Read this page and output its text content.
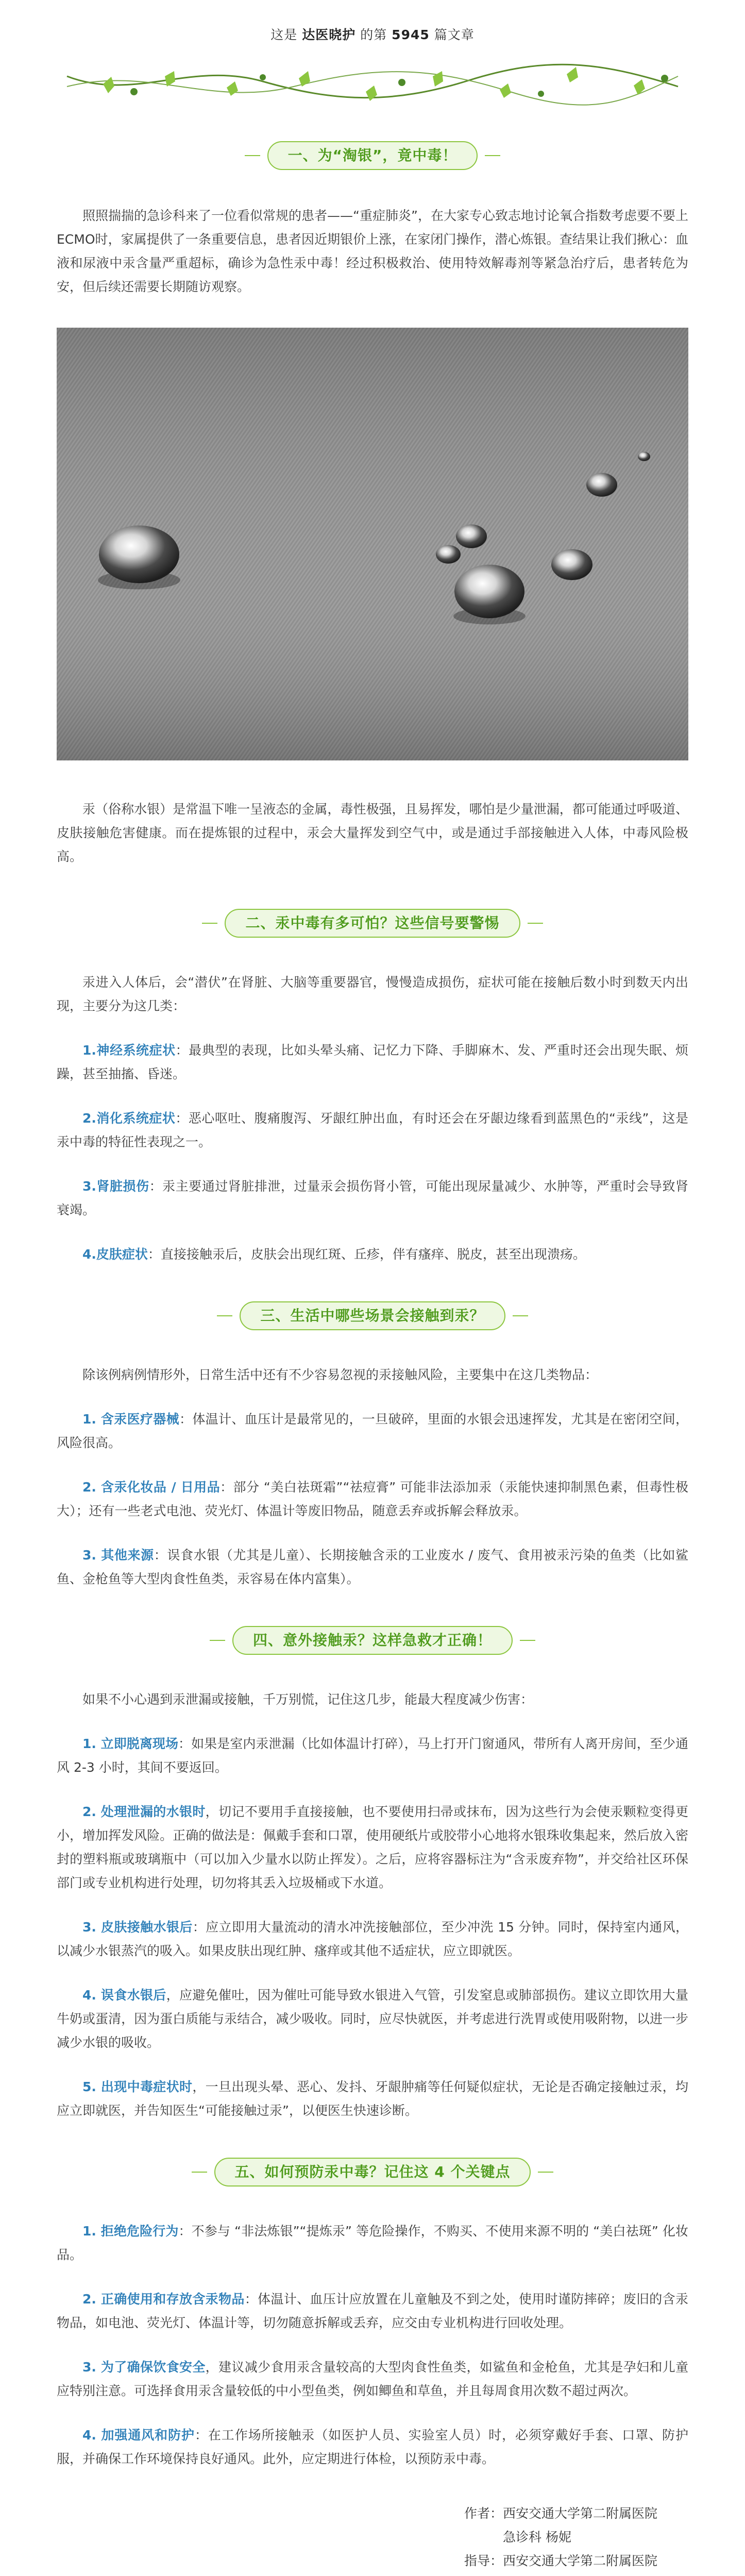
这是 达医晓护 的第 5945 篇文章
一、为“淘银”，竟中毒！

照照揣揣的急诊科来了一位看似常规的患者——“重症肺炎”，在大家专心致志地讨论氧合指数考虑要不要上ECMO时，家属提供了一条重要信息，患者因近期银价上涨，在家闭门操作，潜心炼银。查结果让我们揪心：血液和尿液中汞含量严重超标，确诊为急性汞中毒！经过积极救治、使用特效解毒剂等紧急治疗后，患者转危为安，但后续还需要长期随访观察。

汞（俗称水银）是常温下唯一呈液态的金属，毒性极强，且易挥发，哪怕是少量泄漏，都可能通过呼吸道、皮肤接触危害健康。而在提炼银的过程中，汞会大量挥发到空气中，或是通过手部接触进入人体，中毒风险极高。

二、汞中毒有多可怕？这些信号要警惕

汞进入人体后，会“潜伏”在肾脏、大脑等重要器官，慢慢造成损伤，症状可能在接触后数小时到数天内出现，主要分为这几类：

1.神经系统症状：最典型的表现，比如头晕头痛、记忆力下降、手脚麻木、发、严重时还会出现失眠、烦躁，甚至抽搐、昏迷。

2.消化系统症状：恶心呕吐、腹痛腹泻、牙龈红肿出血，有时还会在牙龈边缘看到蓝黑色的“汞线”，这是汞中毒的特征性表现之一。

3.肾脏损伤：汞主要通过肾脏排泄，过量汞会损伤肾小管，可能出现尿量减少、水肿等，严重时会导致肾衰竭。

4.皮肤症状：直接接触汞后，皮肤会出现红斑、丘疹，伴有瘙痒、脱皮，甚至出现溃疡。

三、生活中哪些场景会接触到汞？

除该例病例情形外，日常生活中还有不少容易忽视的汞接触风险，主要集中在这几类物品：

1. 含汞医疗器械：体温计、血压计是最常见的，一旦破碎，里面的水银会迅速挥发，尤其是在密闭空间，风险很高。

2. 含汞化妆品 / 日用品：部分 “美白祛斑霜”“祛痘膏” 可能非法添加汞（汞能快速抑制黑色素，但毒性极大）；还有一些老式电池、荧光灯、体温计等废旧物品，随意丢弃或拆解会释放汞。

3. 其他来源：误食水银（尤其是儿童）、长期接触含汞的工业废水 / 废气、食用被汞污染的鱼类（比如鲨鱼、金枪鱼等大型肉食性鱼类，汞容易在体内富集）。

四、意外接触汞？这样急救才正确！

如果不小心遇到汞泄漏或接触，千万别慌，记住这几步，能最大程度减少伤害：

1. 立即脱离现场：如果是室内汞泄漏（比如体温计打碎），马上打开门窗通风，带所有人离开房间，至少通风 2-3 小时，其间不要返回。

2. 处理泄漏的水银时，切记不要用手直接接触，也不要使用扫帚或抹布，因为这些行为会使汞颗粒变得更小，增加挥发风险。正确的做法是：佩戴手套和口罩，使用硬纸片或胶带小心地将水银珠收集起来，然后放入密封的塑料瓶或玻璃瓶中（可以加入少量水以防止挥发）。之后，应将容器标注为“含汞废弃物”，并交给社区环保部门或专业机构进行处理，切勿将其丢入垃圾桶或下水道。

3. 皮肤接触水银后：应立即用大量流动的清水冲洗接触部位，至少冲洗 15 分钟。同时，保持室内通风，以减少水银蒸汽的吸入。如果皮肤出现红肿、瘙痒或其他不适症状，应立即就医。

4. 误食水银后，应避免催吐，因为催吐可能导致水银进入气管，引发窒息或肺部损伤。建议立即饮用大量牛奶或蛋清，因为蛋白质能与汞结合，减少吸收。同时，应尽快就医，并考虑进行洗胃或使用吸附物，以进一步减少水银的吸收。

5. 出现中毒症状时，一旦出现头晕、恶心、发抖、牙龈肿痛等任何疑似症状，无论是否确定接触过汞，均应立即就医，并告知医生“可能接触过汞”，以便医生快速诊断。

五、如何预防汞中毒？记住这 4 个关键点

1. 拒绝危险行为：不参与 “非法炼银”“提炼汞” 等危险操作，不购买、不使用来源不明的 “美白祛斑” 化妆品。

2. 正确使用和存放含汞物品：体温计、血压计应放置在儿童触及不到之处，使用时谨防摔碎；废旧的含汞物品，如电池、荧光灯、体温计等，切勿随意拆解或丢弃，应交由专业机构进行回收处理。

3. 为了确保饮食安全，建议减少食用汞含量较高的大型肉食性鱼类，如鲨鱼和金枪鱼，尤其是孕妇和儿童应特别注意。可选择食用汞含量较低的中小型鱼类，例如鲫鱼和草鱼，并且每周食用次数不超过两次。

4. 加强通风和防护：在工作场所接触汞（如医护人员、实验室人员）时，必须穿戴好手套、口罩、防护服，并确保工作环境保持良好通风。此外，应定期进行体检，以预防汞中毒。

作者： 西安交通大学第二附属医院
急诊科 杨妮
指导： 西安交通大学第二附属医院
